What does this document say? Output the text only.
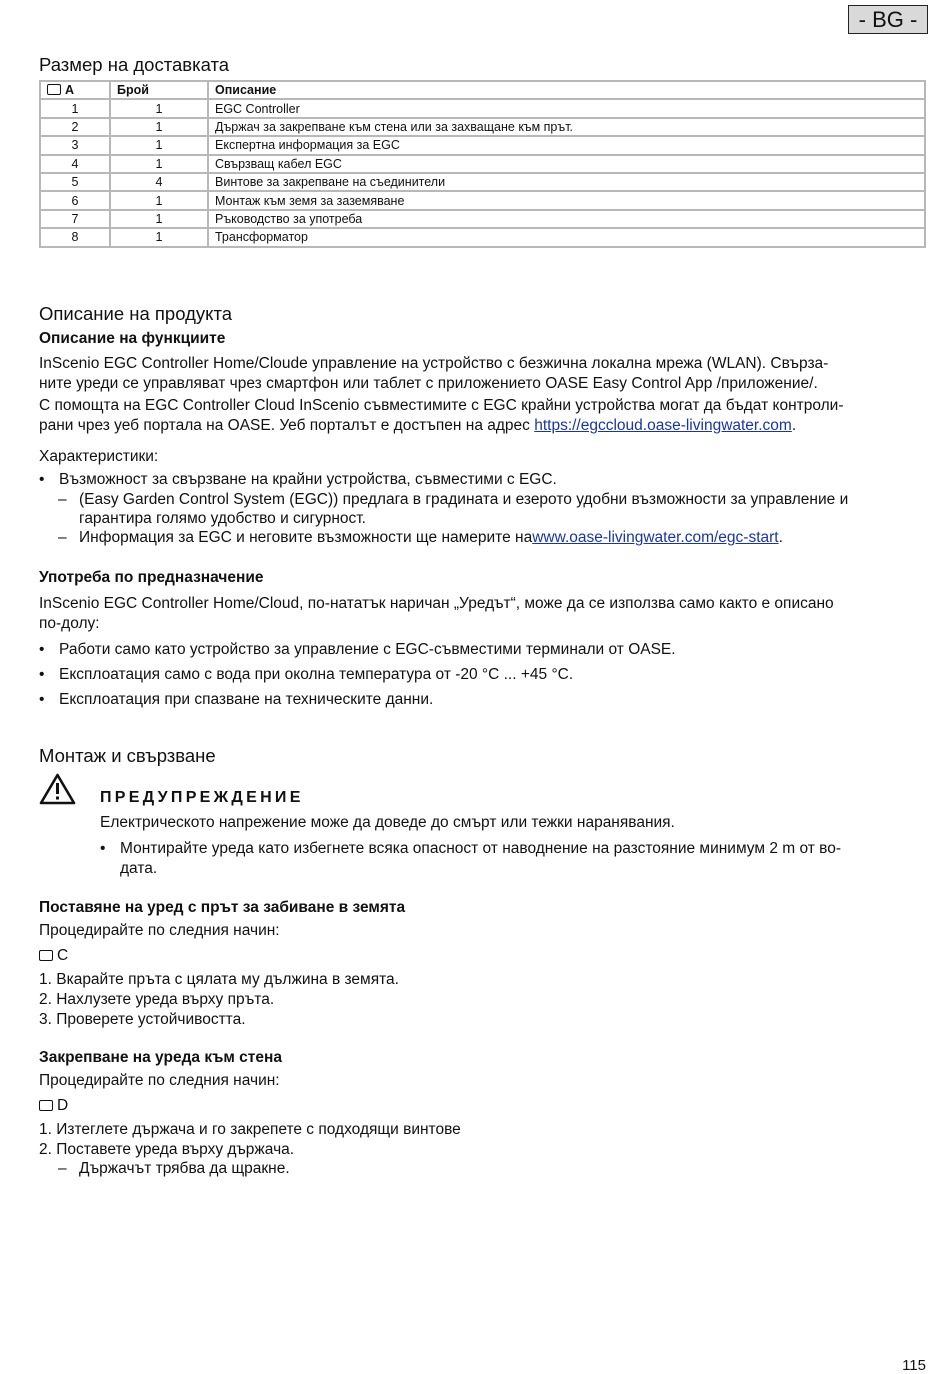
- BG -
Размер на доставката
A	Брой	Описание
1	1	EGC Controller
2	1	Държач за закрепване към стена или за захващане към прът.
3	1	Експертна информация за EGC
4	1	Свързващ кабел EGC
5	4	Винтове за закрепване на съединители
6	1	Монтаж към земя за заземяване
7	1	Ръководство за употреба
8	1	Трансформатор
Описание на продукта
Описание на функциите
InScenio EGC Controller Home/Cloude управление на устройство с безжична локална мрежа (WLAN). Свърза-
ните уреди се управляват чрез смартфон или таблет с приложението OASE Easy Control App /приложение/.
С помощта на EGC Controller Cloud InScenio съвместимите с EGC крайни устройства могат да бъдат контроли-
рани чрез уеб портала на OASE. Уеб порталът е достъпен на адрес https://egccloud.oase-livingwater.com.
Характеристики:
• Възможност за свързване на крайни устройства, съвместими с EGC.
– (Easy Garden Control System (EGC)) предлага в градината и езерото удобни възможности за управление и
гарантира голямо удобство и сигурност.
– Информация за EGC и неговите възможности ще намерите наwww.oase-livingwater.com/egc-start.
Употреба по предназначение
InScenio EGC Controller Home/Cloud, по-нататък наричан „Уредът“, може да се използва само както е описано
по-долу:
• Работи само като устройство за управление с EGC-съвместими терминали от OASE.
• Експлоатация само с вода при околна температура от -20 °C ... +45 °C.
• Експлоатация при спазване на техническите данни.
Монтаж и свързване
ПРЕДУПРЕЖДЕНИЕ
Електрическото напрежение може да доведе до смърт или тежки наранявания.
• Монтирайте уреда като избегнете всяка опасност от наводнение на разстояние минимум 2 m от во-
дата.
Поставяне на уред с прът за забиване в земята
Процедирайте по следния начин:
C
1. Вкарайте пръта с цялата му дължина в земята.
2. Нахлузете уреда върху пръта.
3. Проверете устойчивостта.
Закрепване на уреда към стена
Процедирайте по следния начин:
D
1. Изтеглете държача и го закрепете с подходящи винтове
2. Поставете уреда върху държача.
– Държачът трябва да щракне.
115
